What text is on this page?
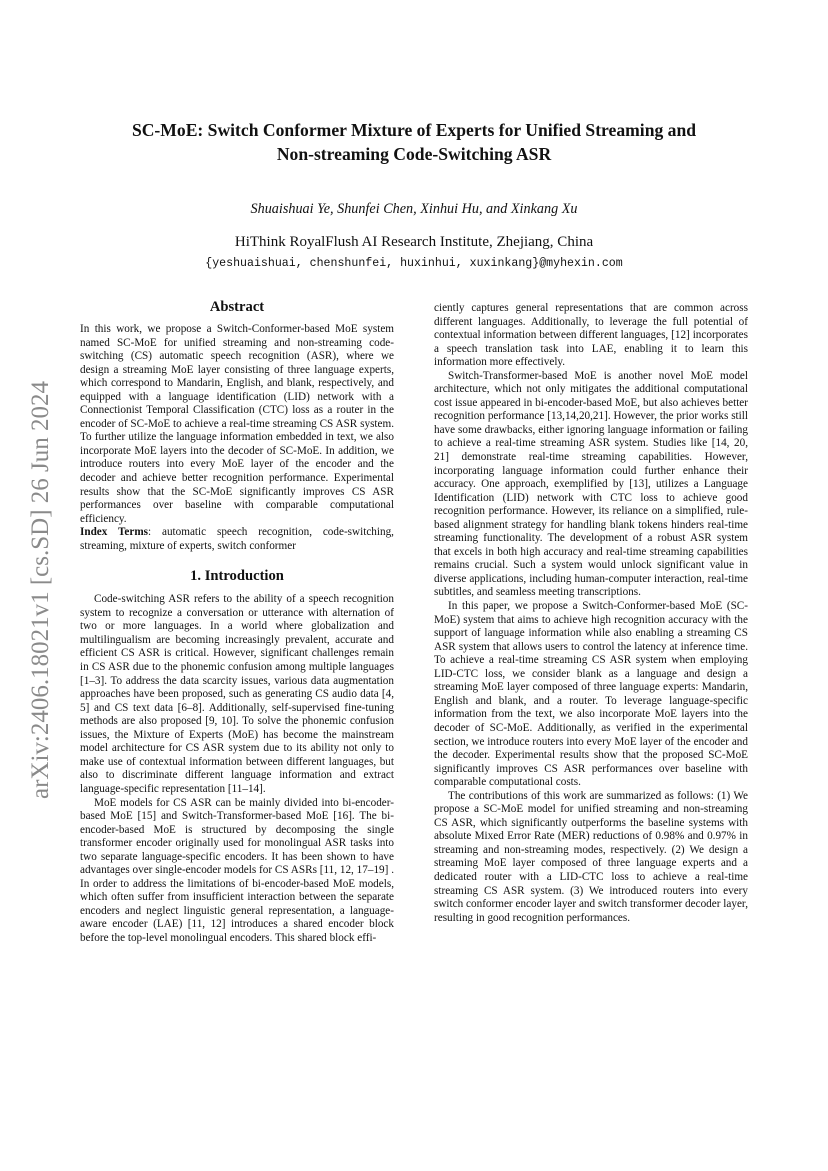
arXiv:2406.18021v1 [cs.SD] 26 Jun 2024
SC-MoE: Switch Conformer Mixture of Experts for Unified Streaming and
Non-streaming Code-Switching ASR
Shuaishuai Ye, Shunfei Chen, Xinhui Hu, and Xinkang Xu
HiThink RoyalFlush AI Research Institute, Zhejiang, China
{yeshuaishuai, chenshunfei, huxinhui, xuxinkang}@myhexin.com
Abstract

In this work, we propose a Switch-Conformer-based MoE system named SC-MoE for unified streaming and non-streaming code-switching (CS) automatic speech recognition (ASR), where we design a streaming MoE layer consisting of three language experts, which correspond to Mandarin, English, and blank, respectively, and equipped with a language identification (LID) network with a Connectionist Temporal Classification (CTC) loss as a router in the encoder of SC-MoE to achieve a real-time streaming CS ASR system. To further utilize the language information embedded in text, we also incorporate MoE layers into the decoder of SC-MoE. In addition, we introduce routers into every MoE layer of the encoder and the decoder and achieve better recognition performance. Experimental results show that the SC-MoE significantly improves CS ASR performances over baseline with comparable computational efficiency.

Index Terms: automatic speech recognition, code-switching, streaming, mixture of experts, switch conformer

1. Introduction

Code-switching ASR refers to the ability of a speech recognition system to recognize a conversation or utterance with alternation of two or more languages. In a world where globalization and multilingualism are becoming increasingly prevalent, accurate and efficient CS ASR is critical. However, significant challenges remain in CS ASR due to the phonemic confusion among multiple languages [1–3]. To address the data scarcity issues, various data augmentation approaches have been proposed, such as generating CS audio data [4, 5] and CS text data [6–8]. Additionally, self-supervised fine-tuning methods are also proposed [9, 10]. To solve the phonemic confusion issues, the Mixture of Experts (MoE) has become the mainstream model architecture for CS ASR system due to its ability not only to make use of contextual information between different languages, but also to discriminate different language information and extract language-specific representation [11–14].

MoE models for CS ASR can be mainly divided into bi-encoder-based MoE [15] and Switch-Transformer-based MoE [16]. The bi-encoder-based MoE is structured by decomposing the single transformer encoder originally used for monolingual ASR tasks into two separate language-specific encoders. It has been shown to have advantages over single-encoder models for CS ASRs [11, 12, 17–19] . In order to address the limitations of bi-encoder-based MoE models, which often suffer from insufficient interaction between the separate encoders and neglect linguistic general representation, a language-aware encoder (LAE) [11, 12] introduces a shared encoder block before the top-level monolingual encoders. This shared block effi-

ciently captures general representations that are common across different languages. Additionally, to leverage the full potential of contextual information between different languages, [12] incorporates a speech translation task into LAE, enabling it to learn this information more effectively.

Switch-Transformer-based MoE is another novel MoE model architecture, which not only mitigates the additional computational cost issue appeared in bi-encoder-based MoE, but also achieves better recognition performance [13,14,20,21]. However, the prior works still have some drawbacks, either ignoring language information or failing to achieve a real-time streaming ASR system. Studies like [14, 20, 21] demonstrate real-time streaming capabilities. However, incorporating language information could further enhance their accuracy. One approach, exemplified by [13], utilizes a Language Identification (LID) network with CTC loss to achieve good recognition performance. However, its reliance on a simplified, rule-based alignment strategy for handling blank tokens hinders real-time streaming functionality. The development of a robust ASR system that excels in both high accuracy and real-time streaming capabilities remains crucial. Such a system would unlock significant value in diverse applications, including human-computer interaction, real-time subtitles, and seamless meeting transcriptions.

In this paper, we propose a Switch-Conformer-based MoE (SC-MoE) system that aims to achieve high recognition accuracy with the support of language information while also enabling a streaming CS ASR system that allows users to control the latency at inference time. To achieve a real-time streaming CS ASR system when employing LID-CTC loss, we consider blank as a language and design a streaming MoE layer composed of three language experts: Mandarin, English and blank, and a router. To leverage language-specific information from the text, we also incorporate MoE layers into the decoder of SC-MoE. Additionally, as verified in the experimental section, we introduce routers into every MoE layer of the encoder and the decoder. Experimental results show that the proposed SC-MoE significantly improves CS ASR performances over baseline with comparable computational costs.

The contributions of this work are summarized as follows: (1) We propose a SC-MoE model for unified streaming and non-streaming CS ASR, which significantly outperforms the baseline systems with absolute Mixed Error Rate (MER) reductions of 0.98% and 0.97% in streaming and non-streaming modes, respectively. (2) We design a streaming MoE layer composed of three language experts and a dedicated router with a LID-CTC loss to achieve a real-time streaming CS ASR system. (3) We introduced routers into every switch conformer encoder layer and switch transformer decoder layer, resulting in good recognition performances.
